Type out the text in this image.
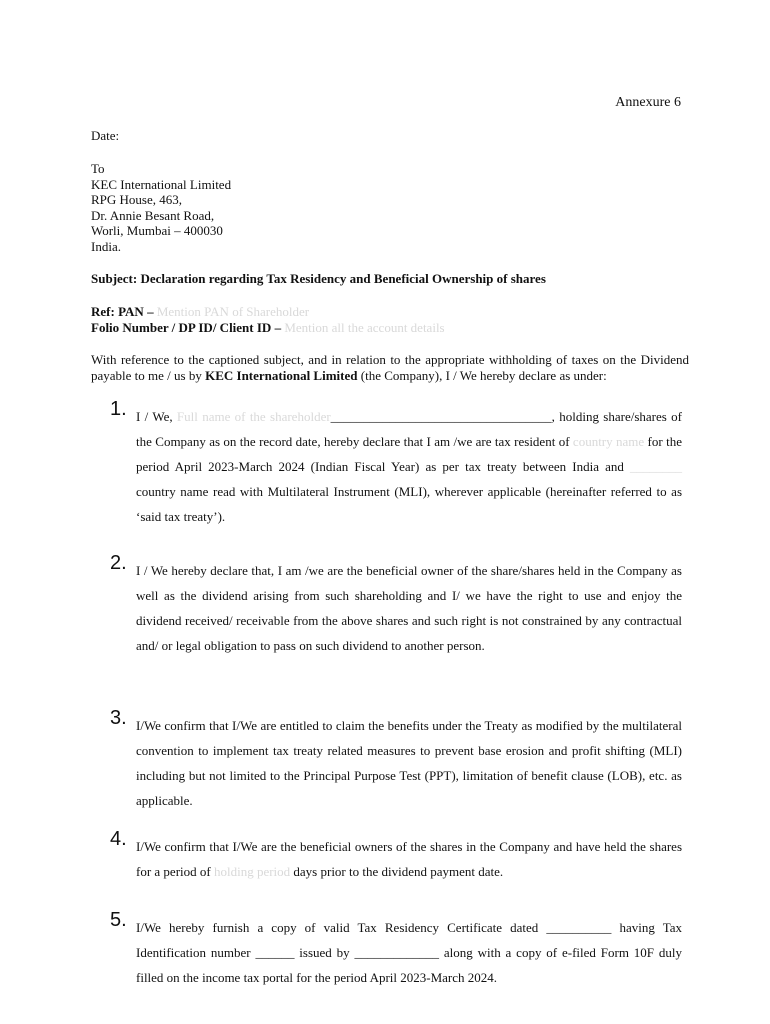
Annexure 6
Date:
To
KEC International Limited
RPG House, 463,
Dr. Annie Besant Road,
Worli, Mumbai – 400030
India.
Subject: Declaration regarding Tax Residency and Beneficial Ownership of shares
Ref: PAN – Mention PAN of Shareholder
Folio Number / DP ID/ Client ID – Mention all the account details
With reference to the captioned subject, and in relation to the appropriate withholding of taxes on the Dividend payable to me / us by KEC International Limited (the Company), I / We hereby declare as under:
1. I / We, Full name of the shareholder__________________________________, holding share/shares of the Company as on the record date, hereby declare that I am /we are tax resident of country name for the period April 2023-March 2024 (Indian Fiscal Year) as per tax treaty between India and ________ country name read with Multilateral Instrument (MLI), wherever applicable (hereinafter referred to as ‘said tax treaty’).
2. I / We hereby declare that, I am /we are the beneficial owner of the share/shares held in the Company as well as the dividend arising from such shareholding and I/ we have the right to use and enjoy the dividend received/ receivable from the above shares and such right is not constrained by any contractual and/ or legal obligation to pass on such dividend to another person.
3. I/We confirm that I/We are entitled to claim the benefits under the Treaty as modified by the multilateral convention to implement tax treaty related measures to prevent base erosion and profit shifting (MLI) including but not limited to the Principal Purpose Test (PPT), limitation of benefit clause (LOB), etc. as applicable.
4. I/We confirm that I/We are the beneficial owners of the shares in the Company and have held the shares for a period of holding period days prior to the dividend payment date.
5. I/We hereby furnish a copy of valid Tax Residency Certificate dated __________ having Tax Identification number ______ issued by _____________ along with a copy of e-filed Form 10F duly filled on the income tax portal for the period April 2023-March 2024.
